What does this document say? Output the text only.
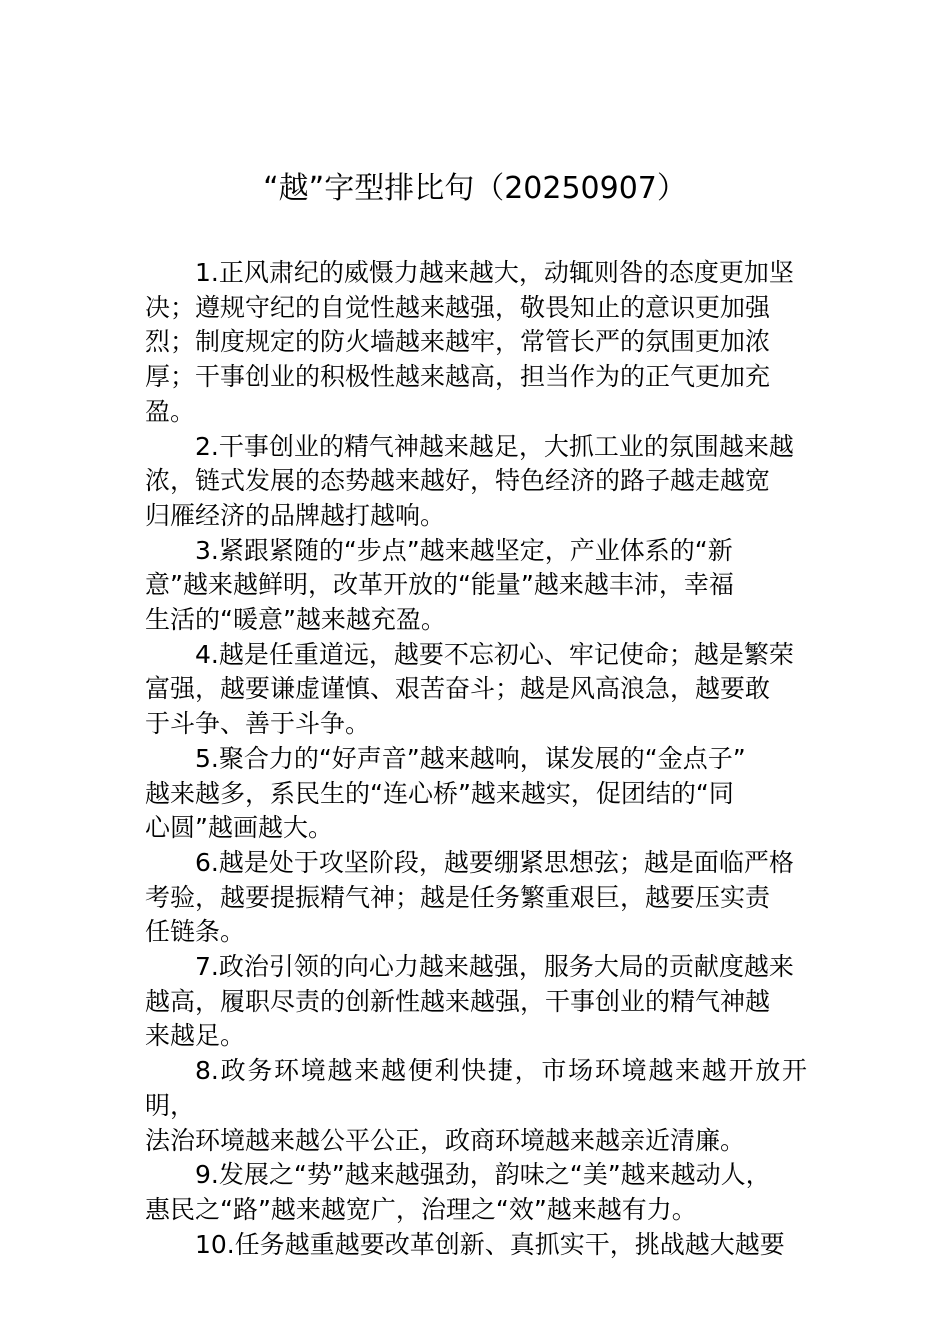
“越”字型排比句（20250907）

1.正风肃纪的威慑力越来越大，动辄则咎的态度更加坚
决；遵规守纪的自觉性越来越强，敬畏知止的意识更加强
烈；制度规定的防火墙越来越牢，常管长严的氛围更加浓
厚；干事创业的积极性越来越高，担当作为的正气更加充
盈。

2.干事创业的精气神越来越足，大抓工业的氛围越来越
浓，链式发展的态势越来越好，特色经济的路子越走越宽
归雁经济的品牌越打越响。

3.紧跟紧随的“步点”越来越坚定，产业体系的“新
意”越来越鲜明，改革开放的“能量”越来越丰沛，幸福
生活的“暖意”越来越充盈。

4.越是任重道远，越要不忘初心、牢记使命；越是繁荣
富强，越要谦虚谨慎、艰苦奋斗；越是风高浪急，越要敢
于斗争、善于斗争。

5.聚合力的“好声音”越来越响，谋发展的“金点子”
越来越多，系民生的“连心桥”越来越实，促团结的“同
心圆”越画越大。

6.越是处于攻坚阶段，越要绷紧思想弦；越是面临严格
考验，越要提振精气神；越是任务繁重艰巨，越要压实责
任链条。

7.政治引领的向心力越来越强，服务大局的贡献度越来
越高，履职尽责的创新性越来越强，干事创业的精气神越
来越足。

8.政务环境越来越便利快捷，市场环境越来越开放开明，
法治环境越来越公平公正，政商环境越来越亲近清廉。

9.发展之“势”越来越强劲，韵味之“美”越来越动人，
惠民之“路”越来越宽广，治理之“效”越来越有力。

10.任务越重越要改革创新、真抓实干，挑战越大越要
